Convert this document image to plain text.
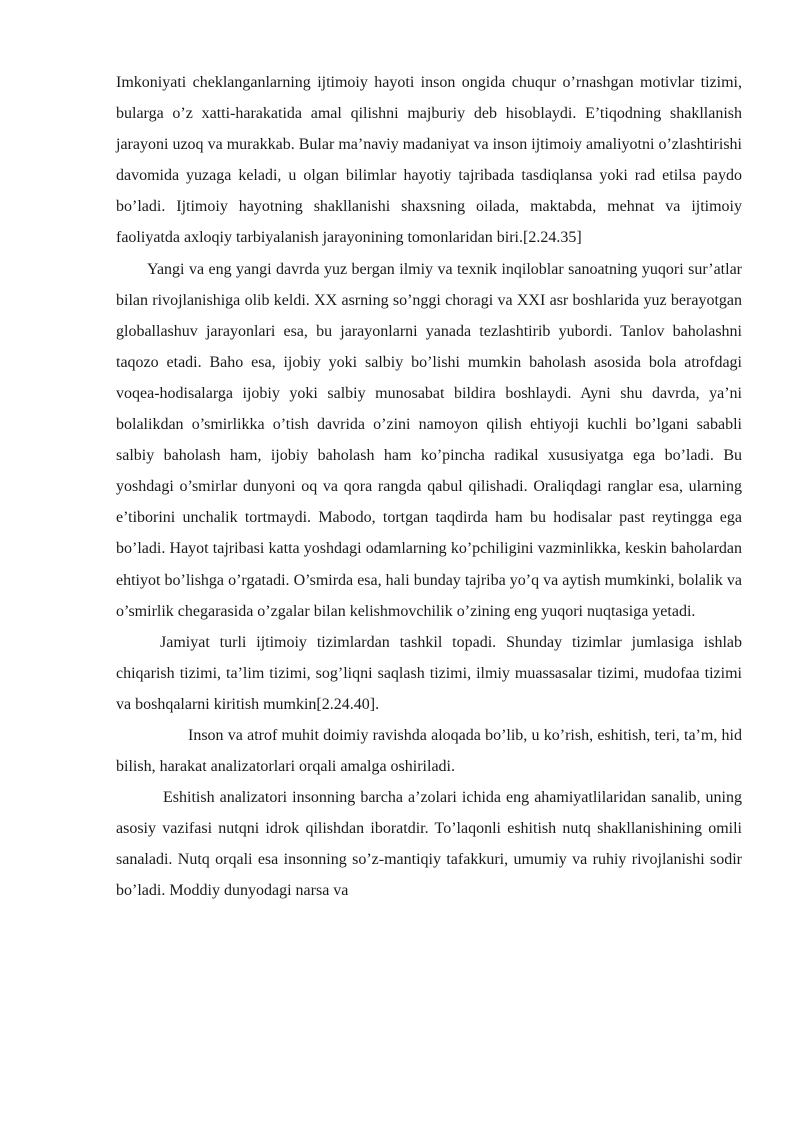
Imkoniyati cheklanganlarning ijtimoiy hayoti inson ongida chuqur o’rnashgan motivlar tizimi, bularga o’z xatti-harakatida amal qilishni majburiy deb hisoblaydi. E’tiqodning shakllanish jarayoni uzoq va murakkab. Bular ma’naviy madaniyat va inson ijtimoiy amaliyotni o’zlashtirishi davomida yuzaga keladi, u olgan bilimlar hayotiy tajribada tasdiqlansa yoki rad etilsa paydo bo’ladi. Ijtimoiy hayotning shakllanishi shaxsning oilada, maktabda, mehnat va ijtimoiy faoliyatda axloqiy tarbiyalanish jarayonining tomonlaridan biri.[2.24.35]

Yangi va eng yangi davrda yuz bergan ilmiy va texnik inqiloblar sanoatning yuqori sur’atlar bilan rivojlanishiga olib keldi. XX asrning so’nggi choragi va XXI asr boshlarida yuz berayotgan globallashuv jarayonlari esa, bu jarayonlarni yanada tezlashtirib yubordi. Tanlov baholashni taqozo etadi. Baho esa, ijobiy yoki salbiy bo’lishi mumkin baholash asosida bola atrofdagi voqea-hodisalarga ijobiy yoki salbiy munosabat bildira boshlaydi. Ayni shu davrda, ya’ni bolalikdan o’smirlikka o’tish davrida o’zini namoyon qilish ehtiyoji kuchli bo’lgani sababli salbiy baholash ham, ijobiy baholash ham ko’pincha radikal xususiyatga ega bo’ladi. Bu yoshdagi o’smirlar dunyoni oq va qora rangda qabul qilishadi. Oraliqdagi ranglar esa, ularning e’tiborini unchalik tortmaydi. Mabodo, tortgan taqdirda ham bu hodisalar past reytingga ega bo’ladi. Hayot tajribasi katta yoshdagi odamlarning ko’pchiligini vazminlikka, keskin baholardan ehtiyot bo’lishga o’rgatadi. O’smirda esa, hali bunday tajriba yo’q va aytish mumkinki, bolalik va o’smirlik chegarasida o’zgalar bilan kelishmovchilik o’zining eng yuqori nuqtasiga yetadi.

Jamiyat turli ijtimoiy tizimlardan tashkil topadi. Shunday tizimlar jumlasiga ishlab chiqarish tizimi, ta’lim tizimi, sog’liqni saqlash tizimi, ilmiy muassasalar tizimi, mudofaa tizimi va boshqalarni kiritish mumkin[2.24.40].

Inson va atrof muhit doimiy ravishda aloqada bo’lib, u ko’rish, eshitish, teri, ta’m, hid bilish, harakat analizatorlari orqali amalga oshiriladi.

Eshitish analizatori insonning barcha a’zolari ichida eng ahamiyatlilaridan sanalib, uning asosiy vazifasi nutqni idrok qilishdan iboratdir. To’laqonli eshitish nutq shakllanishining omili sanaladi. Nutq orqali esa insonning so’z-mantiqiy tafakkuri, umumiy va ruhiy rivojlanishi sodir bo’ladi. Moddiy dunyodagi narsa va
